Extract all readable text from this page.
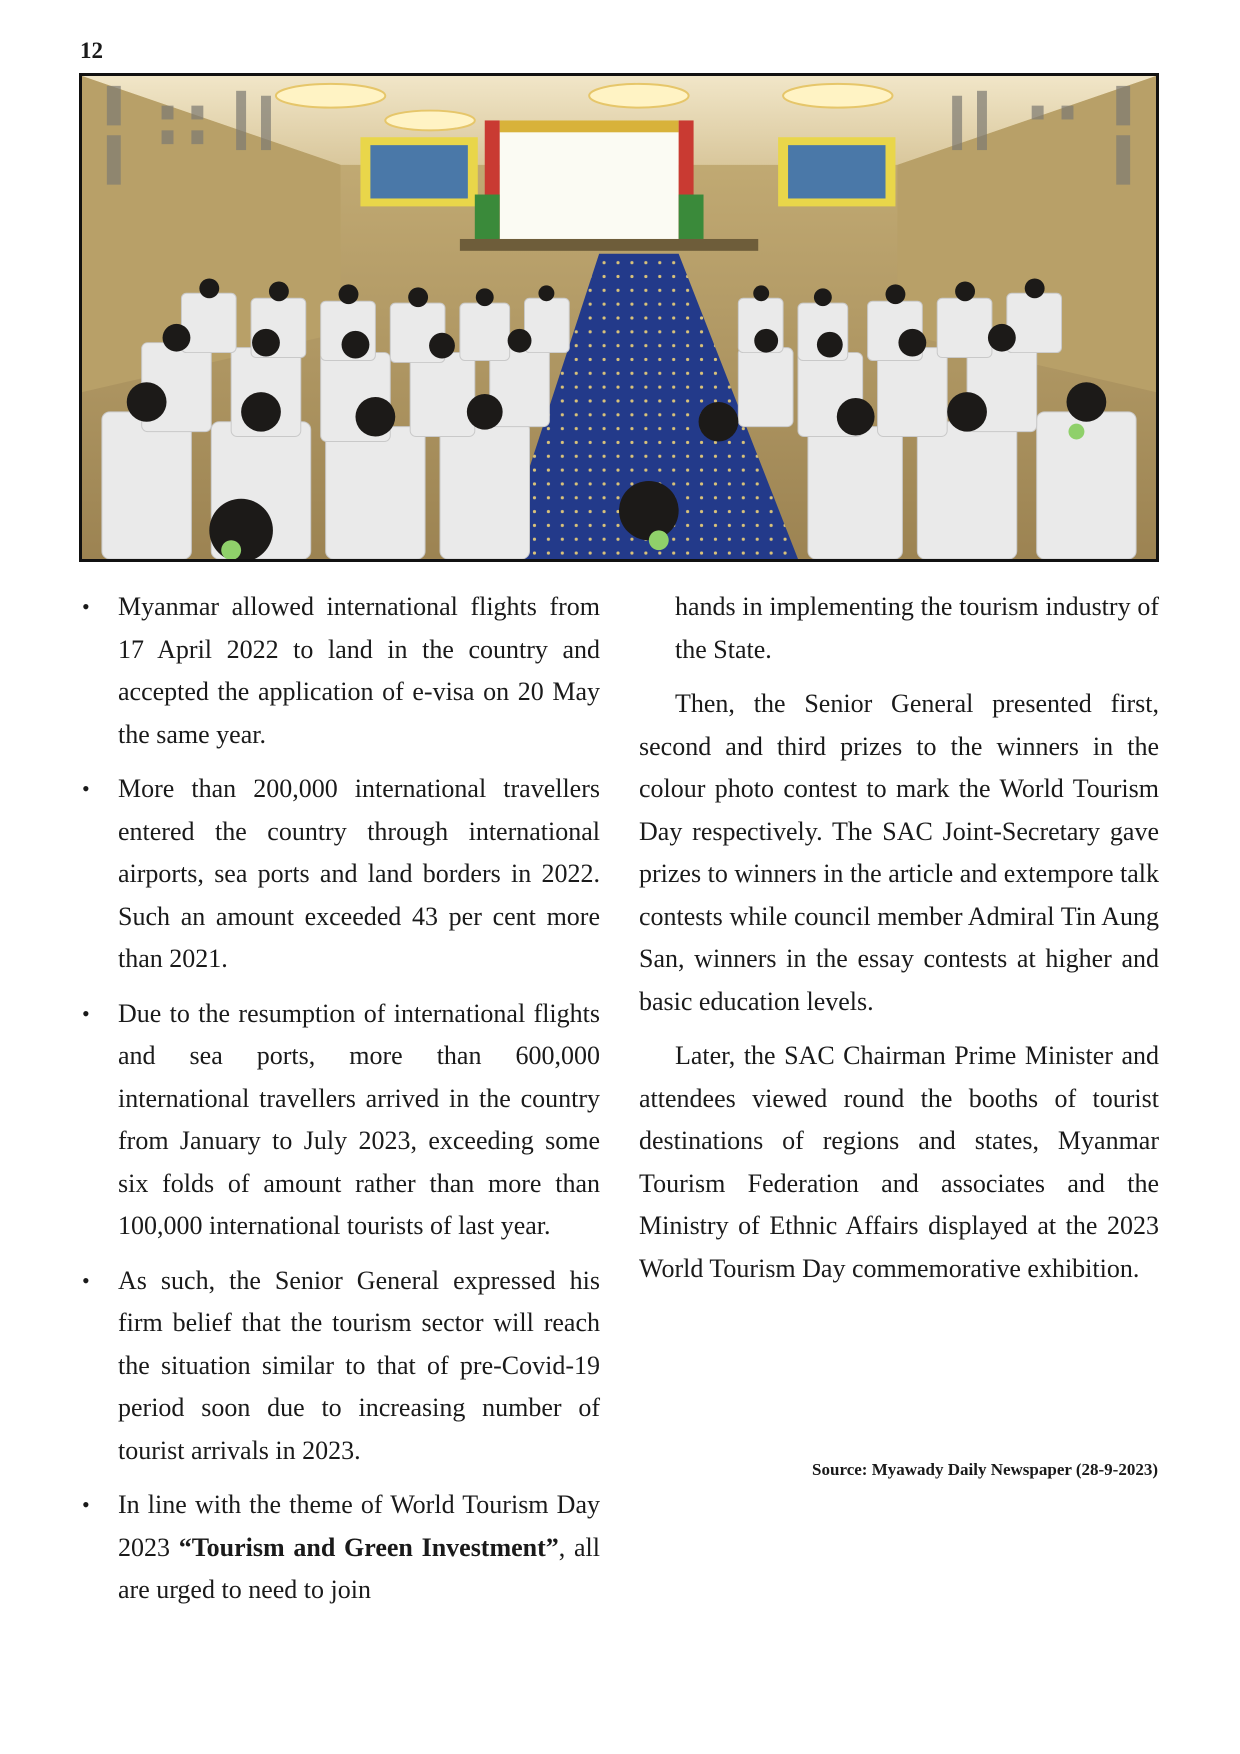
12
• Myanmar allowed international flights from 17 April 2022 to land in the country and accepted the application of e-visa on 20 May the same year.
• More than 200,000 international travellers entered the country through international airports, sea ports and land borders in 2022. Such an amount exceeded 43 per cent more than 2021.
• Due to the resumption of international flights and sea ports, more than 600,000 international travellers arrived in the country from January to July 2023, exceeding some six folds of amount rather than more than 100,000 international tourists of last year.
• As such, the Senior General expressed his firm belief that the tourism sector will reach the situation similar to that of pre-Covid-19 period soon due to increasing number of tourist arrivals in 2023.
• In line with the theme of World Tourism Day 2023 “Tourism and Green Investment”, all are urged to need to join

hands in implementing the tourism industry of the State.

Then, the Senior General presented first, second and third prizes to the winners in the colour photo contest to mark the World Tourism Day respectively. The SAC Joint-Secretary gave prizes to winners in the article and extempore talk contests while council member Admiral Tin Aung San, winners in the essay contests at higher and basic education levels.

Later, the SAC Chairman Prime Minister and attendees viewed round the booths of tourist destinations of regions and states, Myanmar Tourism Federation and associates and the Ministry of Ethnic Affairs displayed at the 2023 World Tourism Day commemorative exhibition.

Source: Myawady Daily Newspaper (28-9-2023)
